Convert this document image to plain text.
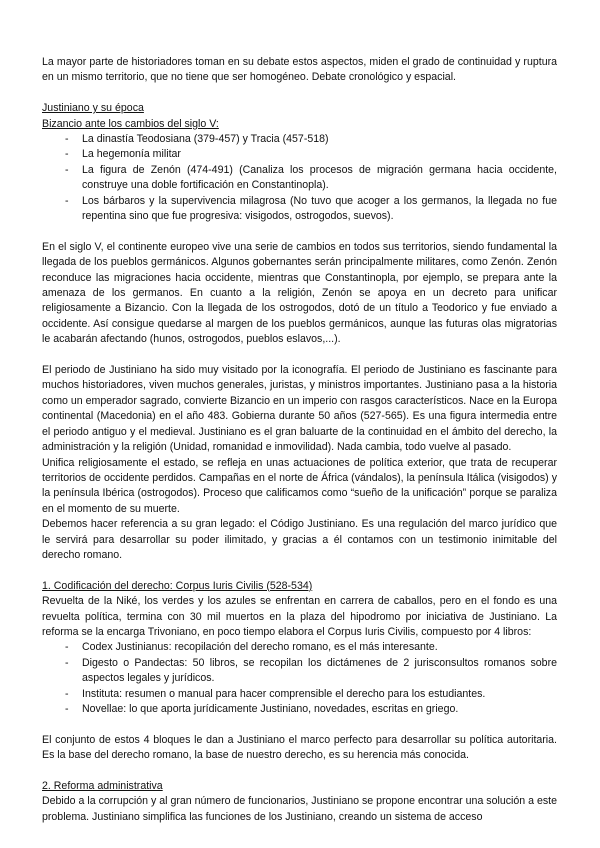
La mayor parte de historiadores toman en su debate estos aspectos, miden el grado de continuidad y ruptura en un mismo territorio, que no tiene que ser homogéneo. Debate cronológico y espacial.

Justiniano y su época

Bizancio ante los cambios del siglo V:

- La dinastía Teodosiana (379-457) y Tracia (457-518)
- La hegemonía militar
- La figura de Zenón (474-491) (Canaliza los procesos de migración germana hacia occidente, construye una doble fortificación en Constantinopla).
- Los bárbaros y la supervivencia milagrosa (No tuvo que acoger a los germanos, la llegada no fue repentina sino que fue progresiva: visigodos, ostrogodos, suevos).

En el siglo V, el continente europeo vive una serie de cambios en todos sus territorios, siendo fundamental la llegada de los pueblos germánicos. Algunos gobernantes serán principalmente militares, como Zenón. Zenón reconduce las migraciones hacia occidente, mientras que Constantinopla, por ejemplo, se prepara ante la amenaza de los germanos. En cuanto a la religión, Zenón se apoya en un decreto para unificar religiosamente a Bizancio. Con la llegada de los ostrogodos, dotó de un título a Teodorico y fue enviado a occidente. Así consigue quedarse al margen de los pueblos germánicos, aunque las futuras olas migratorias le acabarán afectando (hunos, ostrogodos, pueblos eslavos,...).

El periodo de Justiniano ha sido muy visitado por la iconografía. El periodo de Justiniano es fascinante para muchos historiadores, viven muchos generales, juristas, y ministros importantes. Justiniano pasa a la historia como un emperador sagrado, convierte Bizancio en un imperio con rasgos característicos. Nace en la Europa continental (Macedonia) en el año 483. Gobierna durante 50 años (527-565). Es una figura intermedia entre el periodo antiguo y el medieval. Justiniano es el gran baluarte de la continuidad en el ámbito del derecho, la administración y la religión (Unidad, romanidad e inmovilidad). Nada cambia, todo vuelve al pasado.

Unifica religiosamente el estado, se refleja en unas actuaciones de política exterior, que trata de recuperar territorios de occidente perdidos. Campañas en el norte de África (vándalos), la península Itálica (visigodos) y la península Ibérica (ostrogodos). Proceso que calificamos como “sueño de la unificación” porque se paraliza en el momento de su muerte.

Debemos hacer referencia a su gran legado: el Código Justiniano. Es una regulación del marco jurídico que le servirá para desarrollar su poder ilimitado, y gracias a él contamos con un testimonio inimitable del derecho romano.

1. Codificación del derecho: Corpus Iuris Civilis (528-534)

Revuelta de la Niké, los verdes y los azules se enfrentan en carrera de caballos, pero en el fondo es una revuelta política, termina con 30 mil muertos en la plaza del hipodromo por iniciativa de Justiniano. La reforma se la encarga Trivoniano, en poco tiempo elabora el Corpus Iuris Civilis, compuesto por 4 libros:

- Codex Justinianus: recopilación del derecho romano, es el más interesante.
- Digesto o Pandectas: 50 libros, se recopilan los dictámenes de 2 jurisconsultos romanos sobre aspectos legales y jurídicos.
- Instituta: resumen o manual para hacer comprensible el derecho para los estudiantes.
- Novellae: lo que aporta jurídicamente Justiniano, novedades, escritas en griego.

El conjunto de estos 4 bloques le dan a Justiniano el marco perfecto para desarrollar su política autoritaria. Es la base del derecho romano, la base de nuestro derecho, es su herencia más conocida.

2. Reforma administrativa

Debido a la corrupción y al gran número de funcionarios, Justiniano se propone encontrar una solución a este problema. Justiniano simplifica las funciones de los Justiniano, creando un sistema de acceso
